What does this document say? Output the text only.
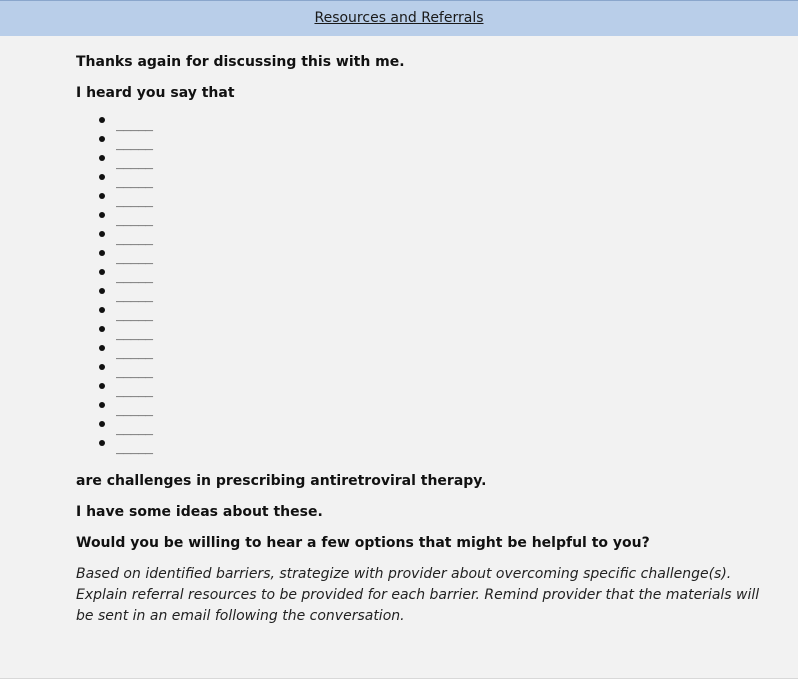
Resources and Referrals

Thanks again for discussing this with me.

I heard you say that

_____
_____
_____
_____
_____
_____
_____
_____
_____
_____
_____
_____
_____
_____
_____
_____
_____
_____

are challenges in prescribing antiretroviral therapy.

I have some ideas about these.

Would you be willing to hear a few options that might be helpful to you?

Based on identified barriers, strategize with provider about overcoming specific challenge(s).
Explain referral resources to be provided for each barrier. Remind provider that the materials will be sent in an email following the conversation.
